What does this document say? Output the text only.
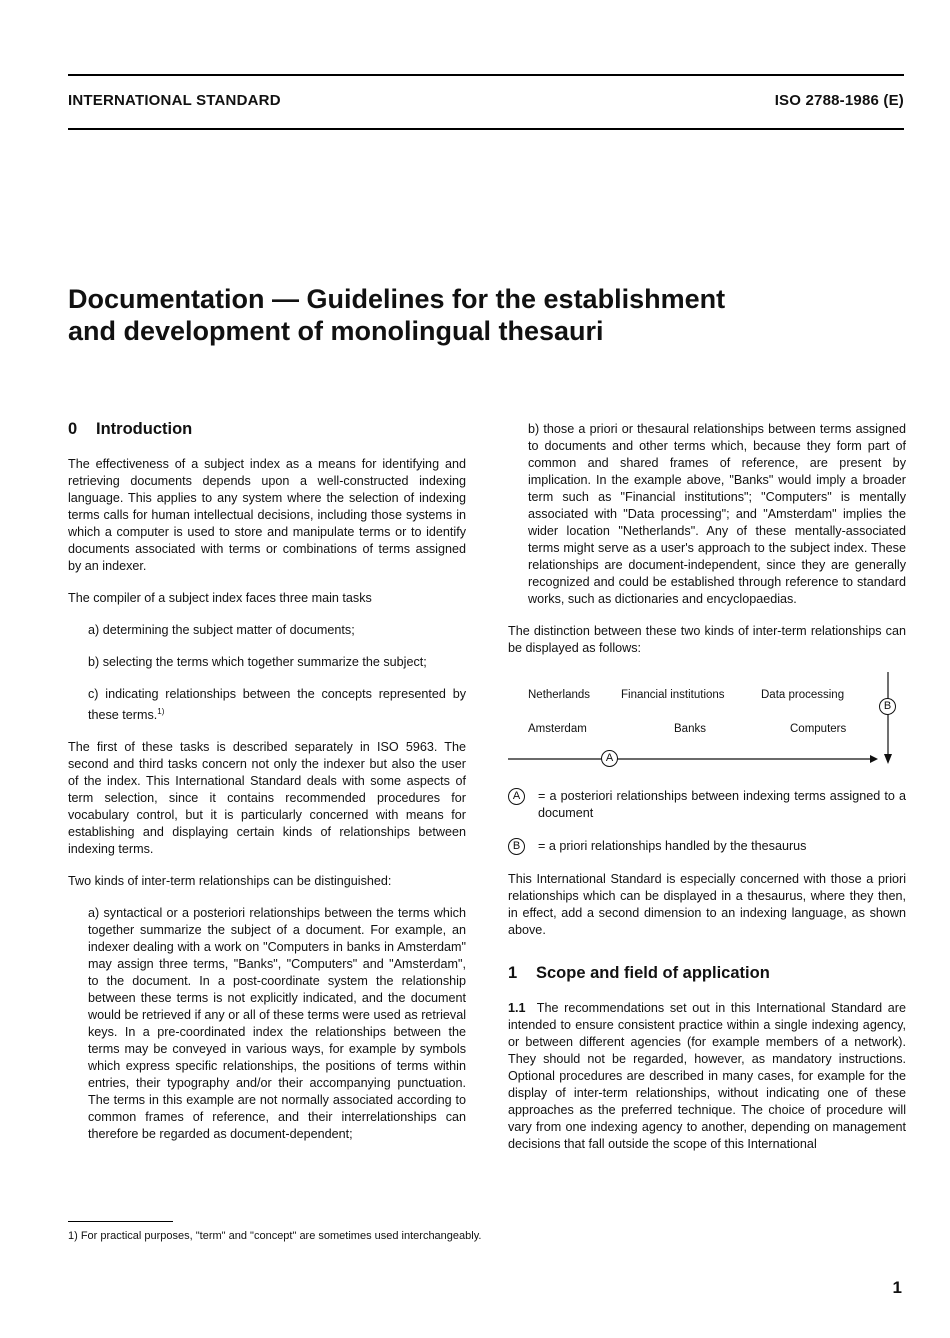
INTERNATIONAL STANDARD	ISO 2788-1986 (E)
Documentation — Guidelines for the establishment
and development of monolingual thesauri

0 Introduction

The effectiveness of a subject index as a means for identifying and retrieving documents depends upon a well-constructed indexing language. This applies to any system where the selection of indexing terms calls for human intellectual decisions, including those systems in which a computer is used to store and manipulate terms or to identify documents associated with terms or combinations of terms assigned by an indexer.

The compiler of a subject index faces three main tasks

a) determining the subject matter of documents;

b) selecting the terms which together summarize the subject;

c) indicating relationships between the concepts represented by these terms.$^{1)}$

The first of these tasks is described separately in ISO 5963. The second and third tasks concern not only the indexer but also the user of the index. This International Standard deals with some aspects of term selection, since it contains recommended procedures for vocabulary control, but it is particularly concerned with means for establishing and displaying certain kinds of relationships between indexing terms.

Two kinds of inter-term relationships can be distinguished:

a) syntactical or a posteriori relationships between the terms which together summarize the subject of a document. For example, an indexer dealing with a work on "Computers in banks in Amsterdam" may assign three terms, "Banks", "Computers" and "Amsterdam", to the document. In a post-coordinate system the relationship between these terms is not explicitly indicated, and the document would be retrieved if any or all of these terms were used as retrieval keys. In a pre-coordinated index the relationships between the terms may be conveyed in various ways, for example by symbols which express specific relationships, the positions of terms within entries, their typography and/or their accompanying punctuation. The terms in this example are not normally associated according to common frames of reference, and their interrelationships can therefore be regarded as document-dependent;

b) those a priori or thesaural relationships between terms assigned to documents and other terms which, because they form part of common and shared frames of reference, are present by implication. In the example above, "Banks" would imply a broader term such as "Financial institutions"; "Computers" is mentally associated with "Data processing"; and "Amsterdam" implies the wider location "Netherlands". Any of these mentally-associated terms might serve as a user's approach to the subject index. These relationships are document-independent, since they are generally recognized and could be established through reference to standard works, such as dictionaries and encyclopaedias.

The distinction between these two kinds of inter-term relationships can be displayed as follows:

Netherlands	Financial institutions	Data processing
Amsterdam	Banks	Computers
A
B

A	= a posteriori relationships between indexing terms assigned to a document

B	= a priori relationships handled by the thesaurus

This International Standard is especially concerned with those a priori relationships which can be displayed in a thesaurus, where they then, in effect, add a second dimension to an indexing language, as shown above.

1 Scope and field of application

1.1 The recommendations set out in this International Standard are intended to ensure consistent practice within a single indexing agency, or between different agencies (for example members of a network). They should not be regarded, however, as mandatory instructions. Optional procedures are described in many cases, for example for the display of inter-term relationships, without indicating one of these approaches as the preferred technique. The choice of procedure will vary from one indexing agency to another, depending on management decisions that fall outside the scope of this International

1) For practical purposes, "term" and "concept" are sometimes used interchangeably.
1
